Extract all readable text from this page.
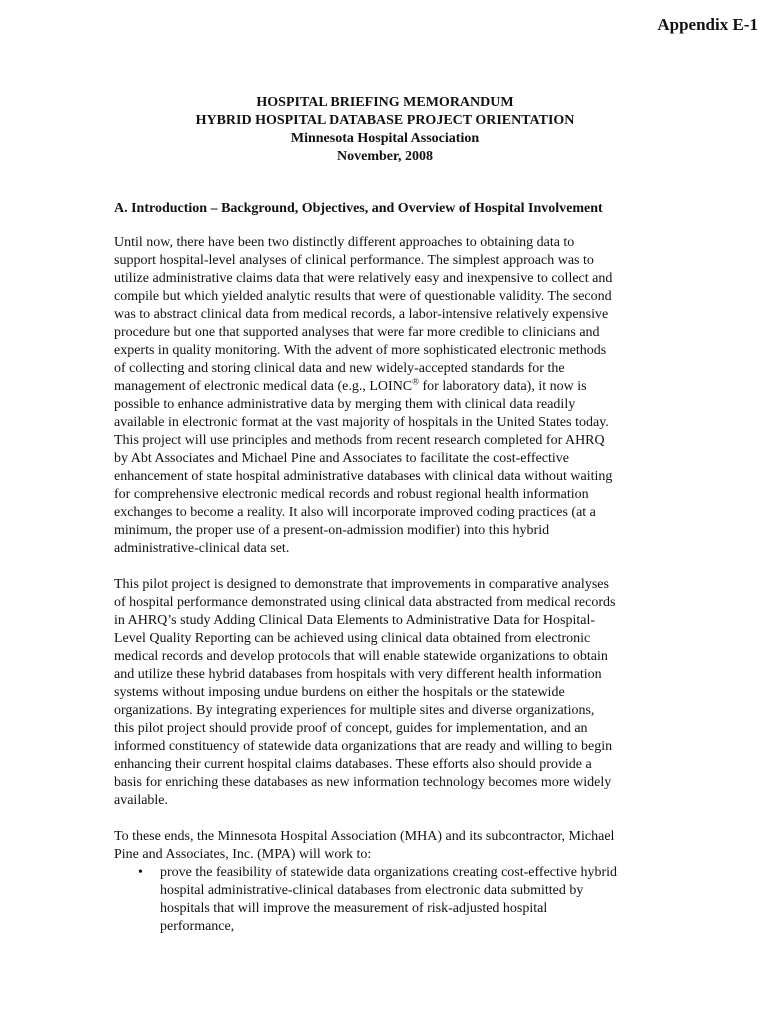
Appendix E-1
HOSPITAL BRIEFING MEMORANDUM
HYBRID HOSPITAL DATABASE PROJECT ORIENTATION
Minnesota Hospital Association
November, 2008
A. Introduction – Background, Objectives, and Overview of Hospital Involvement

Until now, there have been two distinctly different approaches to obtaining data to
support hospital-level analyses of clinical performance. The simplest approach was to
utilize administrative claims data that were relatively easy and inexpensive to collect and
compile but which yielded analytic results that were of questionable validity. The second
was to abstract clinical data from medical records, a labor-intensive relatively expensive
procedure but one that supported analyses that were far more credible to clinicians and
experts in quality monitoring. With the advent of more sophisticated electronic methods
of collecting and storing clinical data and new widely-accepted standards for the
management of electronic medical data (e.g., LOINC® for laboratory data), it now is
possible to enhance administrative data by merging them with clinical data readily
available in electronic format at the vast majority of hospitals in the United States today.
This project will use principles and methods from recent research completed for AHRQ
by Abt Associates and Michael Pine and Associates to facilitate the cost-effective
enhancement of state hospital administrative databases with clinical data without waiting
for comprehensive electronic medical records and robust regional health information
exchanges to become a reality. It also will incorporate improved coding practices (at a
minimum, the proper use of a present-on-admission modifier) into this hybrid
administrative-clinical data set.

This pilot project is designed to demonstrate that improvements in comparative analyses
of hospital performance demonstrated using clinical data abstracted from medical records
in AHRQ’s study Adding Clinical Data Elements to Administrative Data for Hospital-
Level Quality Reporting can be achieved using clinical data obtained from electronic
medical records and develop protocols that will enable statewide organizations to obtain
and utilize these hybrid databases from hospitals with very different health information
systems without imposing undue burdens on either the hospitals or the statewide
organizations. By integrating experiences for multiple sites and diverse organizations,
this pilot project should provide proof of concept, guides for implementation, and an
informed constituency of statewide data organizations that are ready and willing to begin
enhancing their current hospital claims databases. These efforts also should provide a
basis for enriching these databases as new information technology becomes more widely
available.

To these ends, the Minnesota Hospital Association (MHA) and its subcontractor, Michael
Pine and Associates, Inc. (MPA) will work to:
• prove the feasibility of statewide data organizations creating cost-effective hybrid
hospital administrative-clinical databases from electronic data submitted by
hospitals that will improve the measurement of risk-adjusted hospital
performance,
